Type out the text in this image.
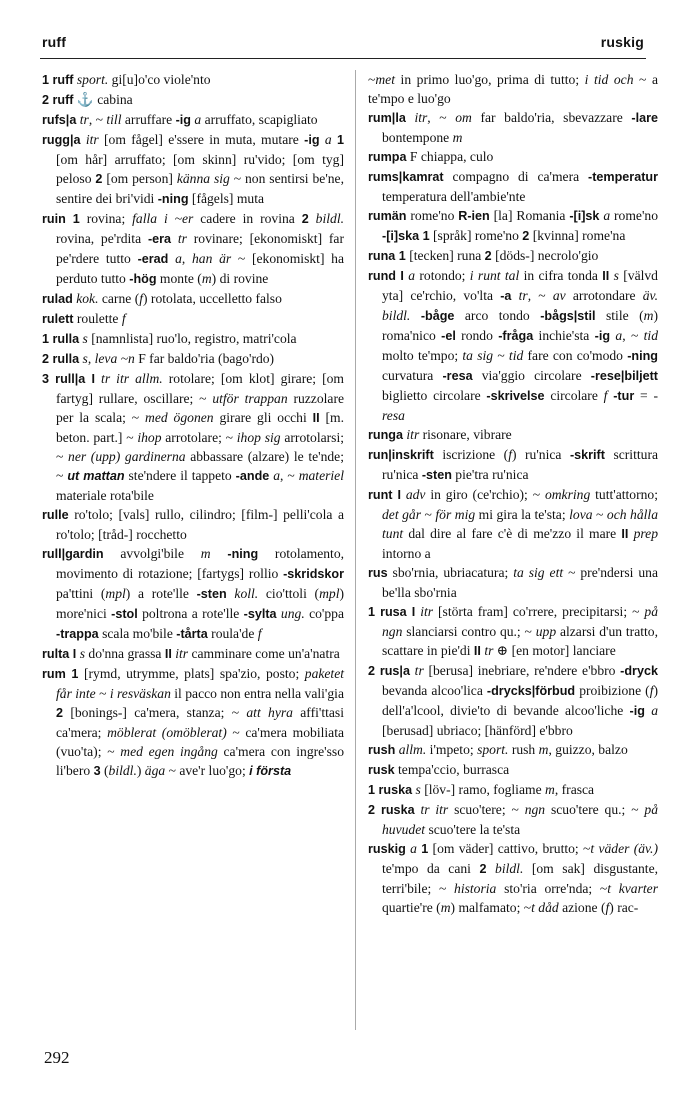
ruff	ruskig

1 ruff sport. gi[u]o'co viole'nto

2 ruff ⚓ cabina

rufs|a tr, ~ till arruffare -ig a arruffato, scapigliato

rugg|a itr [om fågel] e'ssere in muta, mutare -ig a 1 [om hår] arruffato; [om skinn] ru'vido; [om tyg] peloso 2 [om person] känna sig ~ non sentirsi be'ne, sentire dei bri'vidi -ning [fågels] muta

ruin 1 rovina; falla i ~er cadere in rovina 2 bildl. rovina, pe'rdita -era tr rovinare; [ekonomiskt] far pe'rdere tutto -erad a, han är ~ [ekonomiskt] ha perduto tutto -hög monte (m) di rovine

rulad kok. carne (f) rotolata, uccelletto falso

rulett roulette f

1 rulla s [namnlista] ruo'lo, registro, matri'cola

2 rulla s, leva ~n F far baldo'ria (bago'rdo)

3 rull|a I tr itr allm. rotolare; [om klot] girare; [om fartyg] rullare, oscillare; ~ utför trappan ruzzolare per la scala; ~ med ögonen girare gli occhi II [m. beton. part.] ~ ihop arrotolare; ~ ihop sig arrotolarsi; ~ ner (upp) gardinerna abbassare (alzare) le te'nde; ~ ut mattan ste'ndere il tappeto -ande a, ~ materiel materiale rota'bile

rulle ro'tolo; [vals] rullo, cilindro; [film-] pelli'cola a ro'tolo; [tråd-] rocchetto

rull|gardin avvolgi'bile m -ning rotolamento, movimento di rotazione; [fartygs] rollio -skridskor pa'ttini (mpl) a rote'lle -sten koll. cio'ttoli (mpl) more'nici -stol poltrona a rote'lle -sylta ung. co'ppa -trappa scala mo'bile -tårta roula'de f

rulta I s do'nna grassa II itr camminare come un'a'natra

rum 1 [rymd, utrymme, plats] spa'zio, posto; paketet får inte ~ i resväskan il pacco non entra nella vali'gia 2 [bonings-] ca'mera, stanza; ~ att hyra affi'ttasi ca'mera; möblerat (omöblerat) ~ ca'mera mobiliata (vuo'ta); ~ med egen ingång ca'mera con ingre'sso li'bero 3 (bildl.) äga ~ ave'r luo'go; i första

~met in primo luo'go, prima di tutto; i tid och ~ a te'mpo e luo'go

rum|la itr, ~ om far baldo'ria, sbevazzare -lare bontempone m

rumpa F chiappa, culo

rums|kamrat compagno di ca'mera -temperatur temperatura dell'ambie'nte

rumän rome'no R-ien [la] Romania -[i]sk a rome'no -[i]ska 1 [språk] rome'no 2 [kvinna] rome'na

runa 1 [tecken] runa 2 [döds-] necrolo'gio

rund I a rotondo; i runt tal in cifra tonda II s [välvd yta] ce'rchio, vo'lta -a tr, ~ av arrotondare äv. bildl. -båge arco tondo -bågs|stil stile (m) roma'nico -el rondo -fråga inchie'sta -ig a, ~ tid molto te'mpo; ta sig ~ tid fare con co'modo -ning curvatura -resa via'ggio circolare -rese|biljett biglietto circolare -skrivelse circolare f -tur = -resa

runga itr risonare, vibrare

run|inskrift iscrizione (f) ru'nica -skrift scrittura ru'nica -sten pie'tra ru'nica

runt I adv in giro (ce'rchio); ~ omkring tutt'attorno; det går ~ för mig mi gira la te'sta; lova ~ och hålla tunt dal dire al fare c'è di me'zzo il mare II prep intorno a

rus sbo'rnia, ubriacatura; ta sig ett ~ pre'ndersi una be'lla sbo'rnia

1 rusa I itr [störta fram] co'rrere, precipitarsi; ~ på ngn slanciarsi contro qu.; ~ upp alzarsi d'un tratto, scattare in pie'di II tr ⊕ [en motor] lanciare

2 rus|a tr [berusa] inebriare, re'ndere e'bbro -dryck bevanda alcoo'lica -drycks|förbud proibizione (f) dell'a'lcool, divie'to di bevande alcoo'liche -ig a [berusad] ubriaco; [hänförd] e'bbro

rush allm. i'mpeto; sport. rush m, guizzo, balzo

rusk tempa'ccio, burrasca

1 ruska s [löv-] ramo, fogliame m, frasca

2 ruska tr itr scuo'tere; ~ ngn scuo'tere qu.; ~ på huvudet scuo'tere la te'sta

ruskig a 1 [om väder] cattivo, brutto; ~t väder (äv.) te'mpo da cani 2 bildl. [om sak] disgustante, terri'bile; ~ historia sto'ria orre'nda; ~t kvarter quartie're (m) malfamato; ~t dåd azione (f) rac-

292
